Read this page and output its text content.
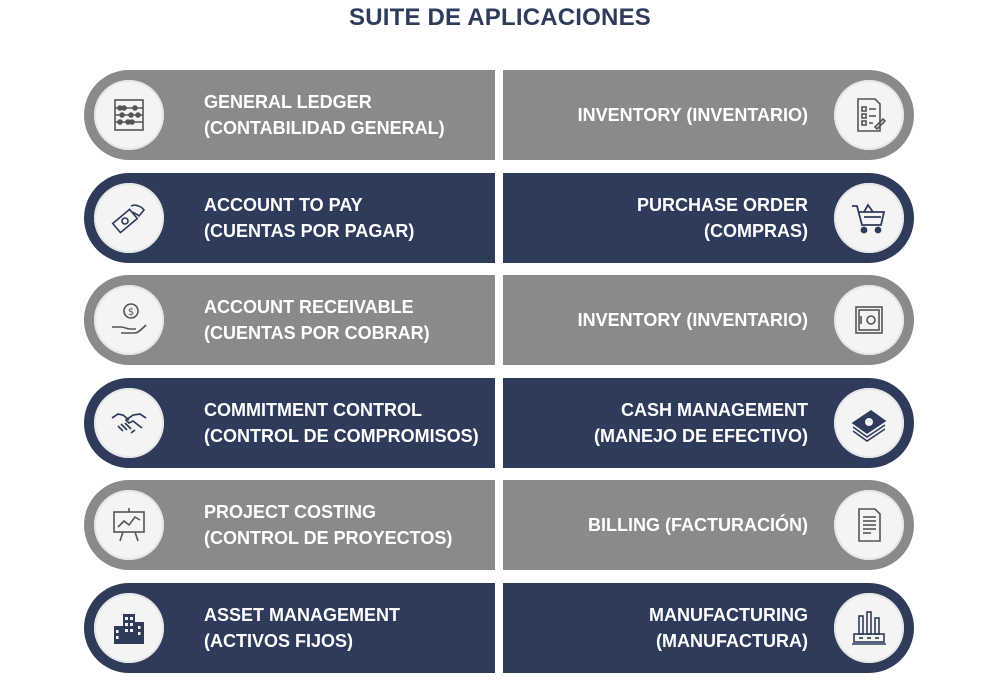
SUITE DE APLICACIONES
GENERAL LEDGER
(CONTABILIDAD GENERAL)
INVENTORY (INVENTARIO)
ACCOUNT TO PAY
(CUENTAS POR PAGAR)
PURCHASE ORDER
(COMPRAS)
$	ACCOUNT RECEIVABLE
(CUENTAS POR COBRAR)
INVENTORY (INVENTARIO)
COMMITMENT CONTROL
(CONTROL DE COMPROMISOS)
CASH MANAGEMENT
(MANEJO DE EFECTIVO)
PROJECT COSTING
(CONTROL DE PROYECTOS)
BILLING (FACTURACIÓN)
ASSET MANAGEMENT
(ACTIVOS FIJOS)
MANUFACTURING
(MANUFACTURA)
